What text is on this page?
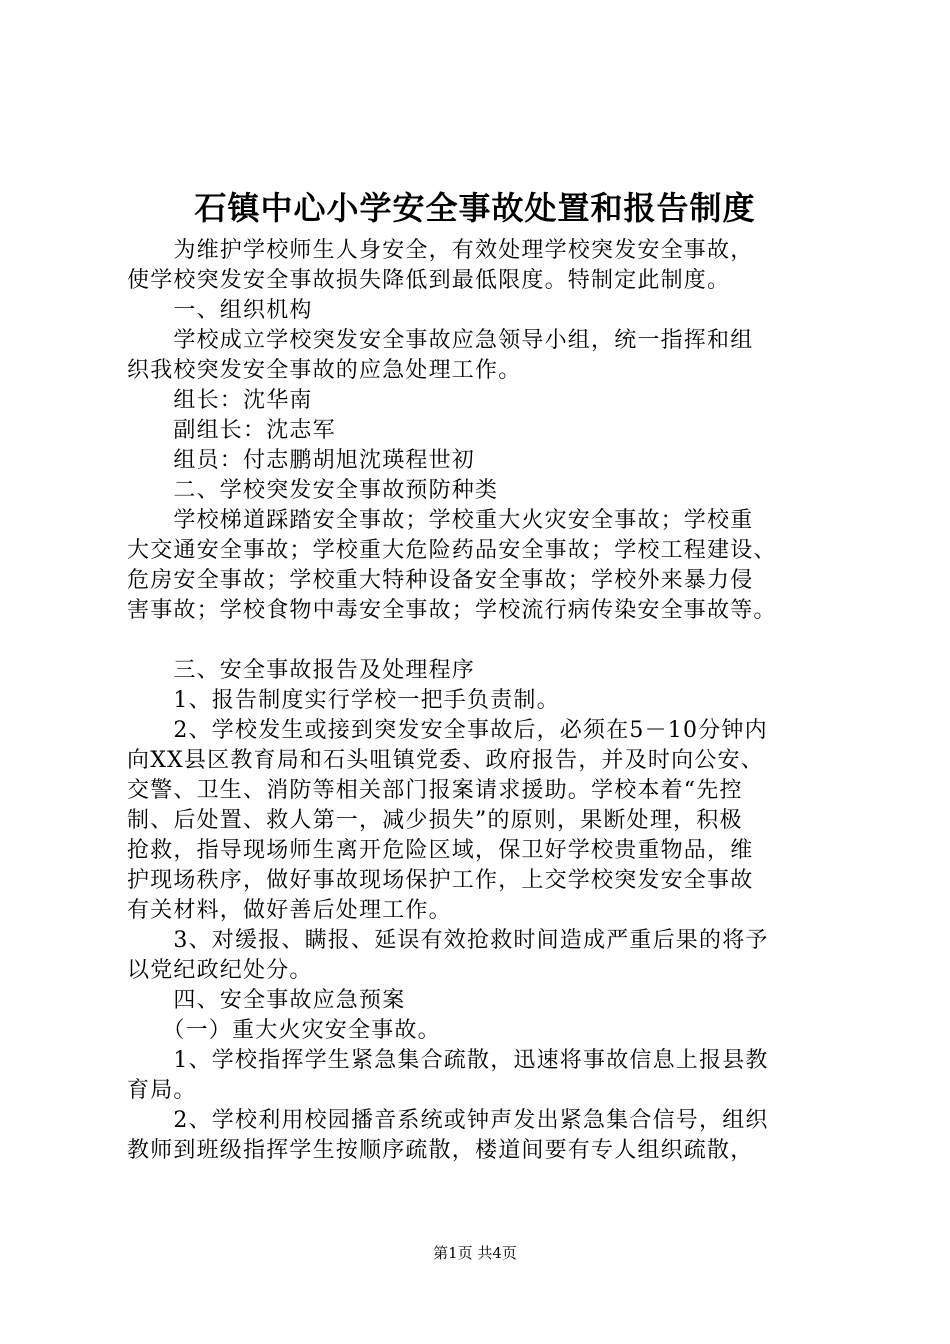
石镇中心小学安全事故处置和报告制度
　　为维护学校师生人身安全，有效处理学校突发安全事故，
使学校突发安全事故损失降低到最低限度。特制定此制度。
　　一、组织机构
　　学校成立学校突发安全事故应急领导小组，统一指挥和组
织我校突发安全事故的应急处理工作。
　　组长：沈华南
　　副组长：沈志军
　　组员：付志鹏胡旭沈瑛程世初
　　二、学校突发安全事故预防种类
　　学校梯道踩踏安全事故；学校重大火灾安全事故；学校重
大交通安全事故；学校重大危险药品安全事故；学校工程建设、
危房安全事故；学校重大特种设备安全事故；学校外来暴力侵
害事故；学校食物中毒安全事故；学校流行病传染安全事故等。
　　三、安全事故报告及处理程序
　　1、报告制度实行学校一把手负责制。
　　2、学校发生或接到突发安全事故后，必须在5－10分钟内
向XX县区教育局和石头咀镇党委、政府报告，并及时向公安、
交警、卫生、消防等相关部门报案请求援助。学校本着“先控
制、后处置、救人第一，减少损失”的原则，果断处理，积极
抢救，指导现场师生离开危险区域，保卫好学校贵重物品，维
护现场秩序，做好事故现场保护工作，上交学校突发安全事故
有关材料，做好善后处理工作。
　　3、对缓报、瞒报、延误有效抢救时间造成严重后果的将予
以党纪政纪处分。
　　四、安全事故应急预案
　　（一）重大火灾安全事故。
　　1、学校指挥学生紧急集合疏散，迅速将事故信息上报县教
育局。
　　2、学校利用校园播音系统或钟声发出紧急集合信号，组织
教师到班级指挥学生按顺序疏散，楼道间要有专人组织疏散，
第1页 共4页
